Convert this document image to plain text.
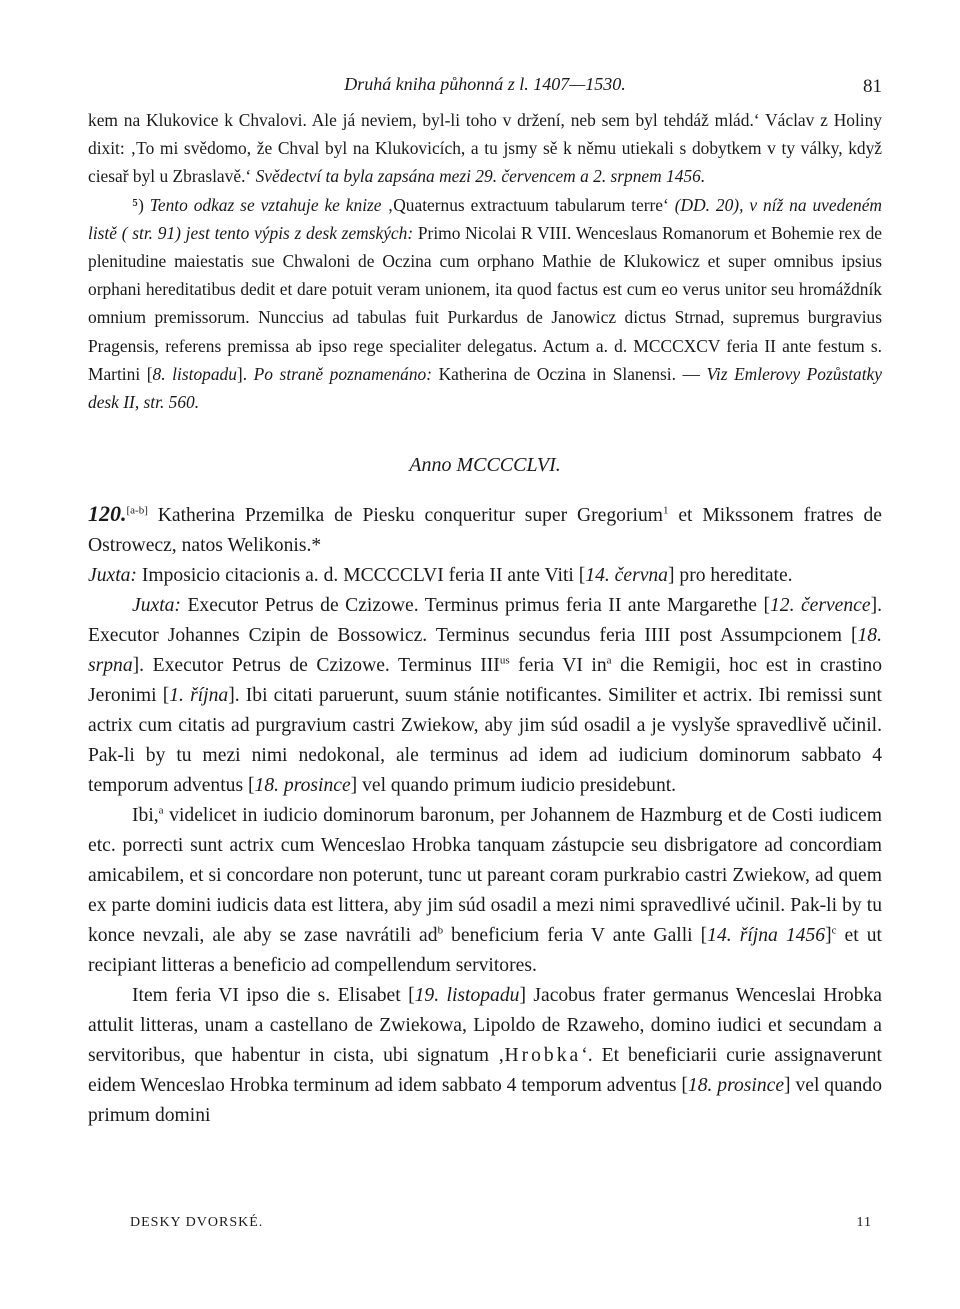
Druhá kniha půhonná z l. 1407—1530.	81

kem na Klukovice k Chvalovi. Ale já neviem, byl-li toho v držení, neb sem byl tehdáž mlád.‘ Václav z Holiny dixit: ‚To mi svědomo, že Chval byl na Klukovicích, a tu jsmy sě k němu utiekali s dobytkem v ty války, když ciesař byl u Zbraslavě.‘ Svědectví ta byla zapsána mezi 29. červencem a 2. srpnem 1456.

⁵) Tento odkaz se vztahuje ke knize ‚Quaternus extractuum tabularum terre‘ (DD. 20), v níž na uvedeném listě ( str. 91) jest tento výpis z desk zemských: Primo Nicolai R VIII. Wenceslaus Romanorum et Bohemie rex de plenitudine maiestatis sue Chwaloni de Oczina cum orphano Mathie de Klukowicz et super omnibus ipsius orphani hereditatibus dedit et dare potuit veram unionem, ita quod factus est cum eo verus unitor seu hromáždník omnium premissorum. Nunccius ad tabulas fuit Purkardus de Janowicz dictus Strnad, supremus burgravius Pragensis, referens premissa ab ipso rege specialiter delegatus. Actum a. d. MCCCXCV feria II ante festum s. Martini [8. listopadu]. Po straně poznamenáno: Katherina de Oczina in Slanensi. — Viz Emlerovy Pozůstatky desk II, str. 560.

Anno MCCCCLVI.

120.[a-b] Katherina Przemilka de Piesku conqueritur super Gregorium$^1$ et Mikssonem fratres de Ostrowecz, natos Welikonis.*

Juxta: Imposicio citacionis a. d. MCCCCLVI feria II ante Viti [14. června] pro hereditate.

Juxta: Executor Petrus de Czizowe. Terminus primus feria II ante Margarethe [12. července]. Executor Johannes Czipin de Bossowicz. Terminus secundus feria IIII post Assumpcionem [18. srpna]. Executor Petrus de Czizowe. Terminus $III^{us}$ feria VI $in^a$ die Remigii, hoc est in crastino Jeronimi [1. října]. Ibi citati paruerunt, suum stánie notificantes. Similiter et actrix. Ibi remissi sunt actrix cum citatis ad purgravium castri Zwiekow, aby jim súd osadil a je vyslyše spravedlivě učinil. Pak-li by tu mezi nimi nedokonal, ale terminus ad idem ad iudicium dominorum sabbato 4 temporum adventus [18. prosince] vel quando primum iudicio presidebunt.

Ibi,$^a$ videlicet in iudicio dominorum baronum, per Johannem de Hazmburg et de Costi iudicem etc. porrecti sunt actrix cum Wenceslao Hrobka tanquam zástupcie seu disbrigatore ad concordiam amicabilem, et si concordare non poterunt, tunc ut pareant coram purkrabio castri Zwiekow, ad quem ex parte domini iudicis data est littera, aby jim súd osadil a mezi nimi spravedlivé učinil. Pak-li by tu konce nevzali, ale aby se zase navrátili $ad^b$ beneficium feria V ante Galli [14. října 1456]$^c$ et ut recipiant litteras a beneficio ad compellendum servitores.

Item feria VI ipso die s. Elisabet [19. listopadu] Jacobus frater germanus Wenceslai Hrobka attulit litteras, unam a castellano de Zwiekowa, Lipoldo de Rzaweho, domino iudici et secundam a servitoribus, que habentur in cista, ubi signatum ‚Hrobka‘. Et beneficiarii curie assignaverunt eidem Wenceslao Hrobka terminum ad idem sabbato 4 temporum adventus [18. prosince] vel quando primum domini

DESKY DVORSKÉ.	11
